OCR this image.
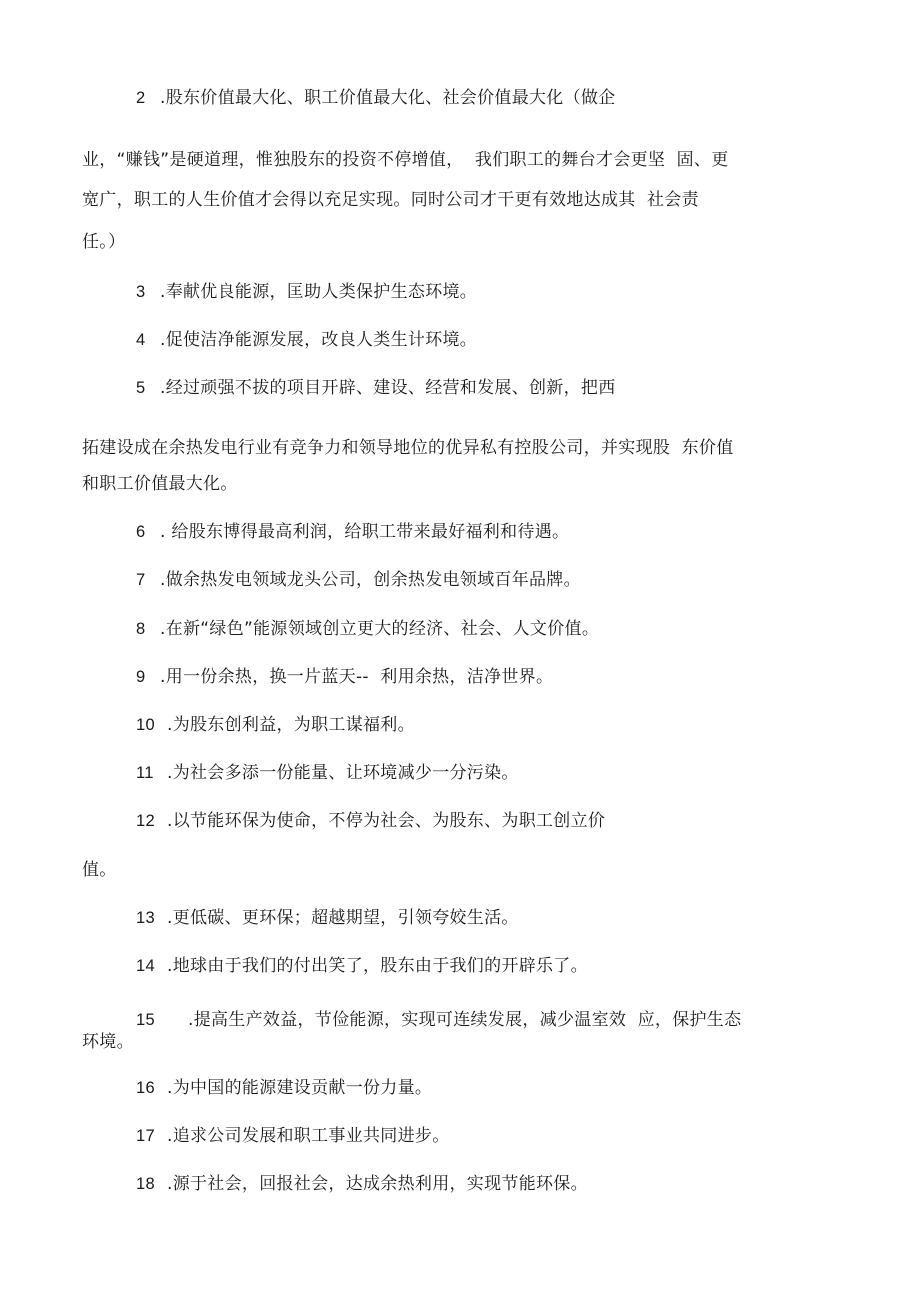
2 .股东价值最大化、职工价值最大化、社会价值最大化（做企
业，“赚钱”是硬道理，惟独股东的投资不停增值，  我们职工的舞台才会更坚  固、更
宽广，职工的人生价值才会得以充足实现。同时公司才干更有效地达成其  社会责
任。）
3 .奉献优良能源，匡助人类保护生态环境。
4 .促使洁净能源发展，改良人类生计环境。
5 .经过顽强不拔的项目开辟、建设、经营和发展、创新，把西
拓建设成在余热发电行业有竞争力和领导地位的优异私有控股公司，并实现股  东价值
和职工价值最大化。
6 . 给股东博得最高利润，给职工带来最好福利和待遇。
7 .做余热发电领域龙头公司，创余热发电领域百年品牌。
8 .在新“绿色”能源领域创立更大的经济、社会、人文价值。
9 .用一份余热，换一片蓝天--  利用余热，洁净世界。
10 .为股东创利益，为职工谋福利。
11 .为社会多添一份能量、让环境减少一分污染。
12 .以节能环保为使命，不停为社会、为股东、为职工创立价
值。
13 .更低碳、更环保；超越期望，引领夸姣生活。
14 .地球由于我们的付出笑了，股东由于我们的开辟乐了。
15 .提高生产效益，节俭能源，实现可连续发展，减少温室效  应，保护生态
环境。
16 .为中国的能源建设贡献一份力量。
17 .追求公司发展和职工事业共同进步。
18 .源于社会，回报社会，达成余热利用，实现节能环保。
